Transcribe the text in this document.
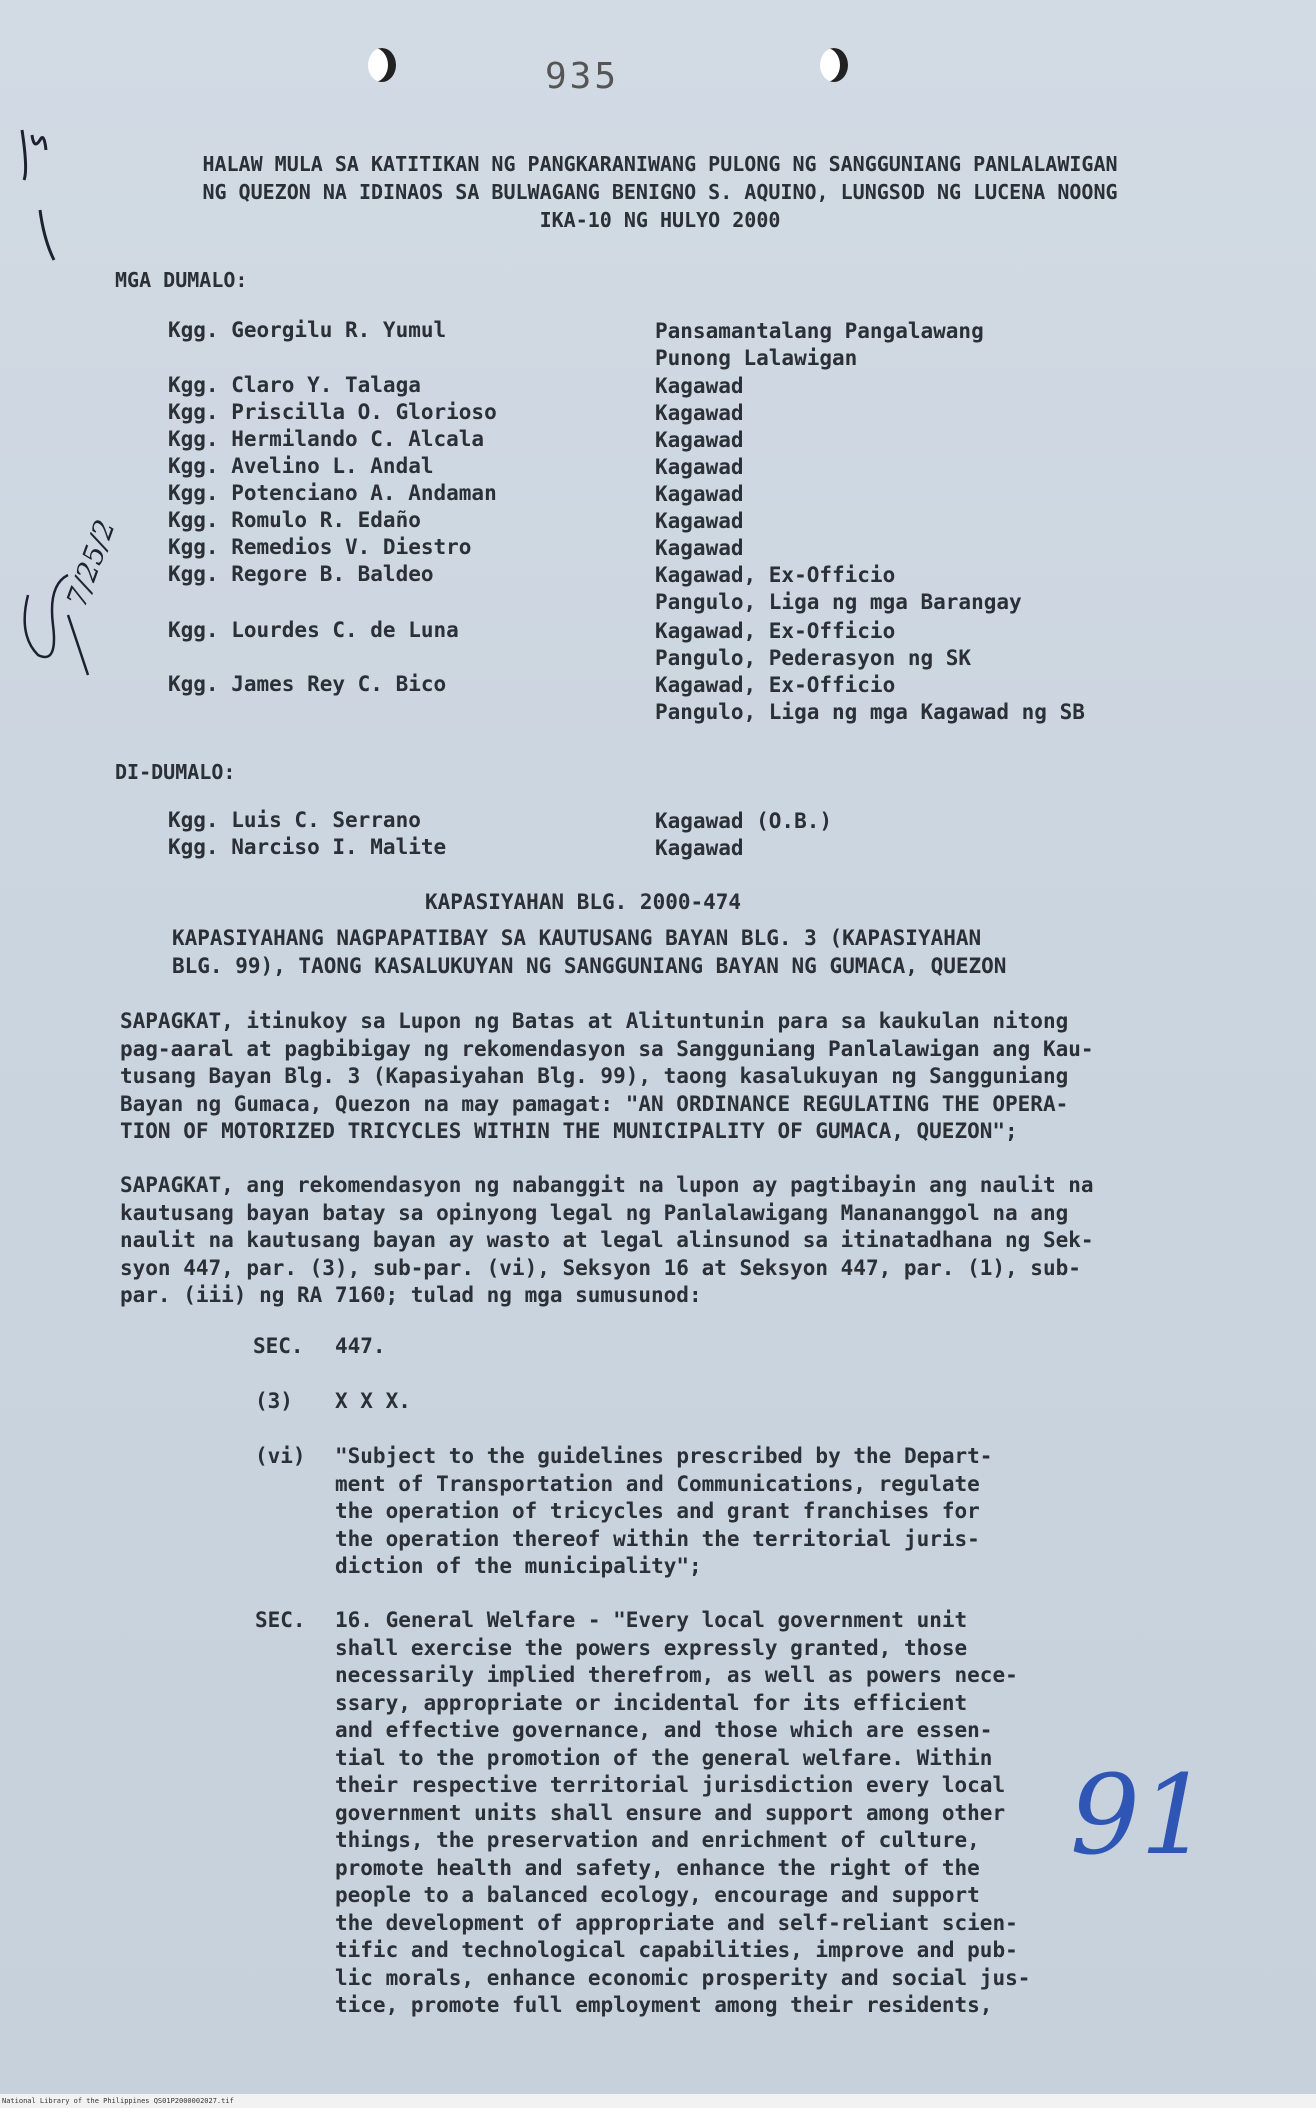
935
7/25/2
HALAW MULA SA KATITIKAN NG PANGKARANIWANG PULONG NG SANGGUNIANG PANLALAWIGAN
NG QUEZON NA IDINAOS SA BULWAGANG BENIGNO S. AQUINO, LUNGSOD NG LUCENA NOONG
IKA-10 NG HULYO 2000
MGA DUMALO:
Kgg. Georgilu R. Yumul	Pansamantalang Pangalawang
Punong Lalawigan
Kgg. Claro Y. Talaga	Kagawad
Kgg. Priscilla O. Glorioso	Kagawad
Kgg. Hermilando C. Alcala	Kagawad
Kgg. Avelino L. Andal	Kagawad
Kgg. Potenciano A. Andaman	Kagawad
Kgg. Romulo R. Edaño	Kagawad
Kgg. Remedios V. Diestro	Kagawad
Kgg. Regore B. Baldeo	Kagawad, Ex-Officio
Pangulo, Liga ng mga Barangay
Kgg. Lourdes C. de Luna	Kagawad, Ex-Officio
Pangulo, Pederasyon ng SK
Kgg. James Rey C. Bico	Kagawad, Ex-Officio
Pangulo, Liga ng mga Kagawad ng SB
DI-DUMALO:
Kgg. Luis C. Serrano	Kagawad (O.B.)
Kgg. Narciso I. Malite	Kagawad
KAPASIYAHAN BLG. 2000-474
KAPASIYAHANG NAGPAPATIBAY SA KAUTUSANG BAYAN BLG. 3 (KAPASIYAHAN
BLG. 99), TAONG KASALUKUYAN NG SANGGUNIANG BAYAN NG GUMACA, QUEZON
SAPAGKAT, itinukoy sa Lupon ng Batas at Alituntunin para sa kaukulan nitong
pag-aaral at pagbibigay ng rekomendasyon sa Sangguniang Panlalawigan ang Kau-
tusang Bayan Blg. 3 (Kapasiyahan Blg. 99), taong kasalukuyan ng Sangguniang
Bayan ng Gumaca, Quezon na may pamagat: "AN ORDINANCE REGULATING THE OPERA-
TION OF MOTORIZED TRICYCLES WITHIN THE MUNICIPALITY OF GUMACA, QUEZON";
SAPAGKAT, ang rekomendasyon ng nabanggit na lupon ay pagtibayin ang naulit na
kautusang bayan batay sa opinyong legal ng Panlalawigang Manananggol na ang
naulit na kautusang bayan ay wasto at legal alinsunod sa itinatadhana ng Sek-
syon 447, par. (3), sub-par. (vi), Seksyon 16 at Seksyon 447, par. (1), sub-
par. (iii) ng RA 7160; tulad ng mga sumusunod:
SEC. 447.
(3) X X X.
(vi) "Subject to the guidelines prescribed by the Depart-
ment of Transportation and Communications, regulate
the operation of tricycles and grant franchises for
the operation thereof within the territorial juris-
diction of the municipality";
SEC. 16. General Welfare - "Every local government unit
shall exercise the powers expressly granted, those
necessarily implied therefrom, as well as powers nece-
ssary, appropriate or incidental for its efficient
and effective governance, and those which are essen-
tial to the promotion of the general welfare. Within
their respective territorial jurisdiction every local
government units shall ensure and support among other
things, the preservation and enrichment of culture,
promote health and safety, enhance the right of the
people to a balanced ecology, encourage and support
the development of appropriate and self-reliant scien-
tific and technological capabilities, improve and pub-
lic morals, enhance economic prosperity and social jus-
tice, promote full employment among their residents,
91
National Library of the Philippines QS01P2000002027.tif
